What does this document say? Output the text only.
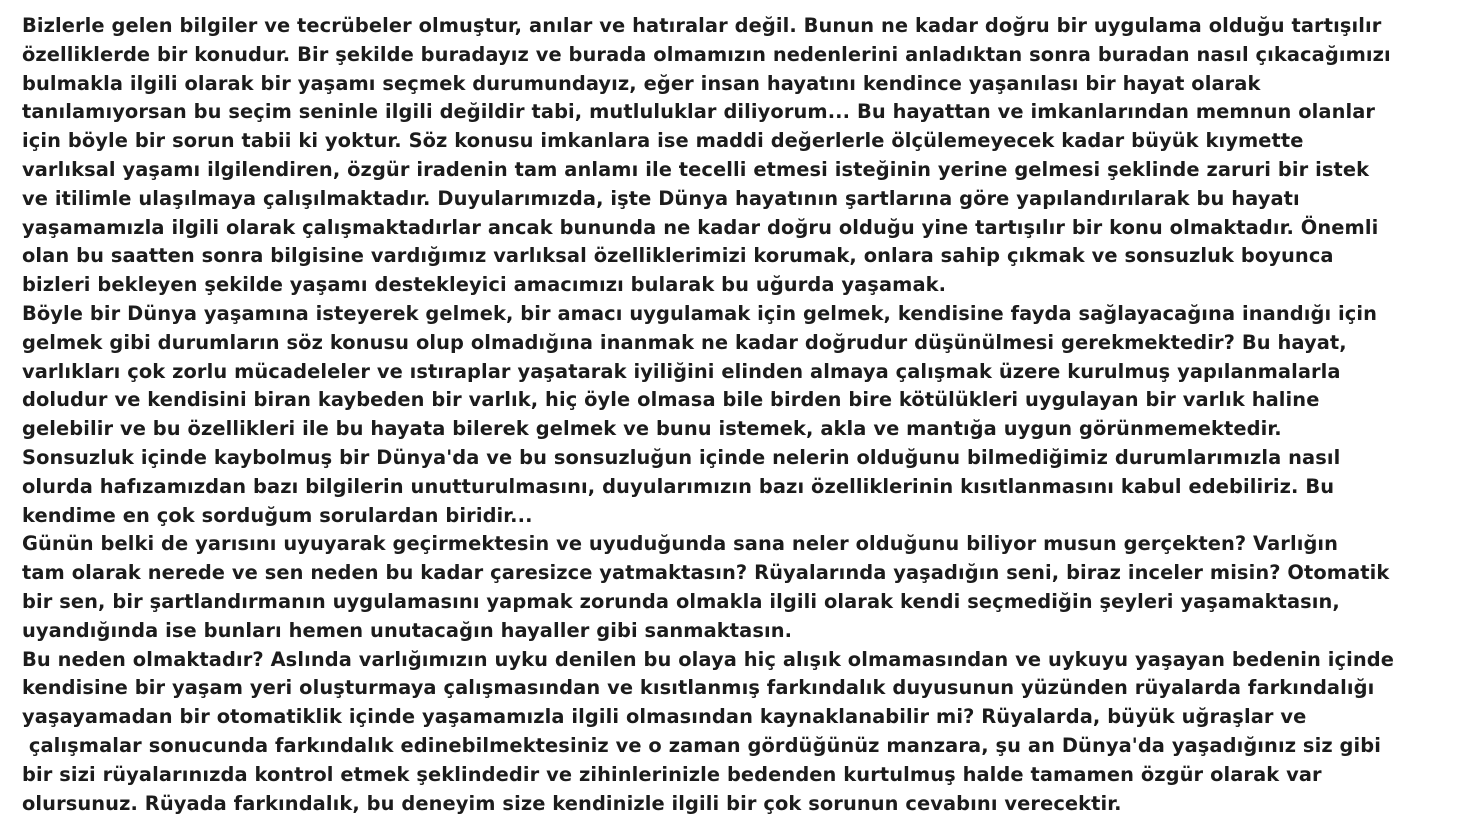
Bizlerle gelen bilgiler ve tecrübeler olmuştur, anılar ve hatıralar değil. Bunun ne kadar doğru bir uygulama olduğu tartışılır
özelliklerde bir konudur. Bir şekilde buradayız ve burada olmamızın nedenlerini anladıktan sonra buradan nasıl çıkacağımızı
bulmakla ilgili olarak bir yaşamı seçmek durumundayız, eğer insan hayatını kendince yaşanılası bir hayat olarak
tanılamıyorsan bu seçim seninle ilgili değildir tabi, mutluluklar diliyorum... Bu hayattan ve imkanlarından memnun olanlar
için böyle bir sorun tabii ki yoktur. Söz konusu imkanlara ise maddi değerlerle ölçülemeyecek kadar büyük kıymette
varlıksal yaşamı ilgilendiren, özgür iradenin tam anlamı ile tecelli etmesi isteğinin yerine gelmesi şeklinde zaruri bir istek
ve itilimle ulaşılmaya çalışılmaktadır. Duyularımızda, işte Dünya hayatının şartlarına göre yapılandırılarak bu hayatı
yaşamamızla ilgili olarak çalışmaktadırlar ancak bununda ne kadar doğru olduğu yine tartışılır bir konu olmaktadır. Önemli
olan bu saatten sonra bilgisine vardığımız varlıksal özelliklerimizi korumak, onlara sahip çıkmak ve sonsuzluk boyunca
bizleri bekleyen şekilde yaşamı destekleyici amacımızı bularak bu uğurda yaşamak.
Böyle bir Dünya yaşamına isteyerek gelmek, bir amacı uygulamak için gelmek, kendisine fayda sağlayacağına inandığı için
gelmek gibi durumların söz konusu olup olmadığına inanmak ne kadar doğrudur düşünülmesi gerekmektedir? Bu hayat,
varlıkları çok zorlu mücadeleler ve ıstıraplar yaşatarak iyiliğini elinden almaya çalışmak üzere kurulmuş yapılanmalarla
doludur ve kendisini biran kaybeden bir varlık, hiç öyle olmasa bile birden bire kötülükleri uygulayan bir varlık haline
gelebilir ve bu özellikleri ile bu hayata bilerek gelmek ve bunu istemek, akla ve mantığa uygun görünmemektedir.
Sonsuzluk içinde kaybolmuş bir Dünya'da ve bu sonsuzluğun içinde nelerin olduğunu bilmediğimiz durumlarımızla nasıl
olurda hafızamızdan bazı bilgilerin unutturulmasını, duyularımızın bazı özelliklerinin kısıtlanmasını kabul edebiliriz. Bu
kendime en çok sorduğum sorulardan biridir...
Günün belki de yarısını uyuyarak geçirmektesin ve uyuduğunda sana neler olduğunu biliyor musun gerçekten? Varlığın
tam olarak nerede ve sen neden bu kadar çaresizce yatmaktasın? Rüyalarında yaşadığın seni, biraz inceler misin? Otomatik
bir sen, bir şartlandırmanın uygulamasını yapmak zorunda olmakla ilgili olarak kendi seçmediğin şeyleri yaşamaktasın,
uyandığında ise bunları hemen unutacağın hayaller gibi sanmaktasın.
Bu neden olmaktadır? Aslında varlığımızın uyku denilen bu olaya hiç alışık olmamasından ve uykuyu yaşayan bedenin içinde
kendisine bir yaşam yeri oluşturmaya çalışmasından ve kısıtlanmış farkındalık duyusunun yüzünden rüyalarda farkındalığı
yaşayamadan bir otomatiklik içinde yaşamamızla ilgili olmasından kaynaklanabilir mi? Rüyalarda, büyük uğraşlar ve
çalışmalar sonucunda farkındalık edinebilmektesiniz ve o zaman gördüğünüz manzara, şu an Dünya'da yaşadığınız siz gibi
bir sizi rüyalarınızda kontrol etmek şeklindedir ve zihinlerinizle bedenden kurtulmuş halde tamamen özgür olarak var
olursunuz. Rüyada farkındalık, bu deneyim size kendinizle ilgili bir çok sorunun cevabını verecektir.
